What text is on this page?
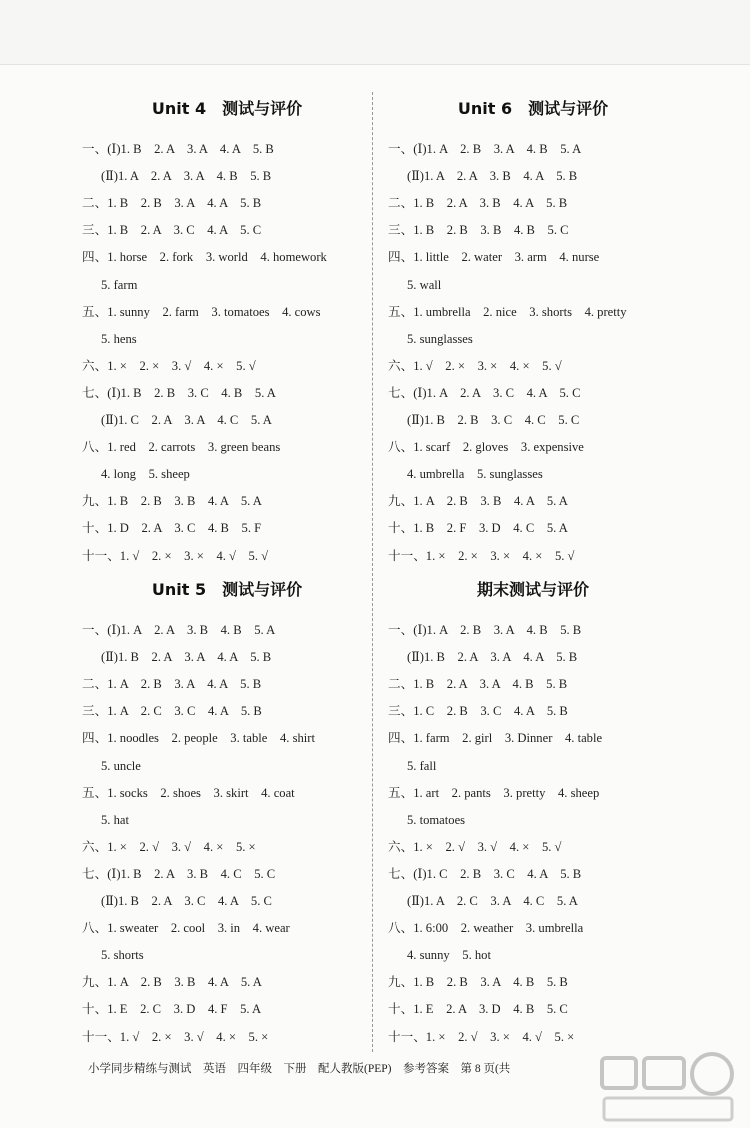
Unit 4　测试与评价
一、(Ⅰ)1. B　2. A　3. A　4. A　5. B
(Ⅱ)1. A　2. A　3. A　4. B　5. B
二、1. B　2. B　3. A　4. A　5. B
三、1. B　2. A　3. C　4. A　5. C
四、1. horse　2. fork　3. world　4. homework
5. farm
五、1. sunny　2. farm　3. tomatoes　4. cows
5. hens
六、1. ×　2. ×　3. √　4. ×　5. √
七、(Ⅰ)1. B　2. B　3. C　4. B　5. A
(Ⅱ)1. C　2. A　3. A　4. C　5. A
八、1. red　2. carrots　3. green beans
4. long　5. sheep
九、1. B　2. B　3. B　4. A　5. A
十、1. D　2. A　3. C　4. B　5. F
十一、1. √　2. ×　3. ×　4. √　5. √
Unit 5　测试与评价
一、(Ⅰ)1. A　2. A　3. B　4. B　5. A
(Ⅱ)1. B　2. A　3. A　4. A　5. B
二、1. A　2. B　3. A　4. A　5. B
三、1. A　2. C　3. C　4. A　5. B
四、1. noodles　2. people　3. table　4. shirt
5. uncle
五、1. socks　2. shoes　3. skirt　4. coat
5. hat
六、1. ×　2. √　3. √　4. ×　5. ×
七、(Ⅰ)1. B　2. A　3. B　4. C　5. C
(Ⅱ)1. B　2. A　3. C　4. A　5. C
八、1. sweater　2. cool　3. in　4. wear
5. shorts
九、1. A　2. B　3. B　4. A　5. A
十、1. E　2. C　3. D　4. F　5. A
十一、1. √　2. ×　3. √　4. ×　5. ×
Unit 6　测试与评价
一、(Ⅰ)1. A　2. B　3. A　4. B　5. A
(Ⅱ)1. A　2. A　3. B　4. A　5. B
二、1. B　2. A　3. B　4. A　5. B
三、1. B　2. B　3. B　4. B　5. C
四、1. little　2. water　3. arm　4. nurse
5. wall
五、1. umbrella　2. nice　3. shorts　4. pretty
5. sunglasses
六、1. √　2. ×　3. ×　4. ×　5. √
七、(Ⅰ)1. A　2. A　3. C　4. A　5. C
(Ⅱ)1. B　2. B　3. C　4. C　5. C
八、1. scarf　2. gloves　3. expensive
4. umbrella　5. sunglasses
九、1. A　2. B　3. B　4. A　5. A
十、1. B　2. F　3. D　4. C　5. A
十一、1. ×　2. ×　3. ×　4. ×　5. √
期末测试与评价
一、(Ⅰ)1. A　2. B　3. A　4. B　5. B
(Ⅱ)1. B　2. A　3. A　4. A　5. B
二、1. B　2. A　3. A　4. B　5. B
三、1. C　2. B　3. C　4. A　5. B
四、1. farm　2. girl　3. Dinner　4. table
5. fall
五、1. art　2. pants　3. pretty　4. sheep
5. tomatoes
六、1. ×　2. √　3. √　4. ×　5. √
七、(Ⅰ)1. C　2. B　3. C　4. A　5. B
(Ⅱ)1. A　2. C　3. A　4. C　5. A
八、1. 6:00　2. weather　3. umbrella
4. sunny　5. hot
九、1. B　2. B　3. A　4. B　5. B
十、1. E　2. A　3. D　4. B　5. C
十一、1. ×　2. √　3. ×　4. √　5. ×
小学同步精练与测试　英语　四年级　下册　配人教版(PEP)　参考答案　第 8 页(共
